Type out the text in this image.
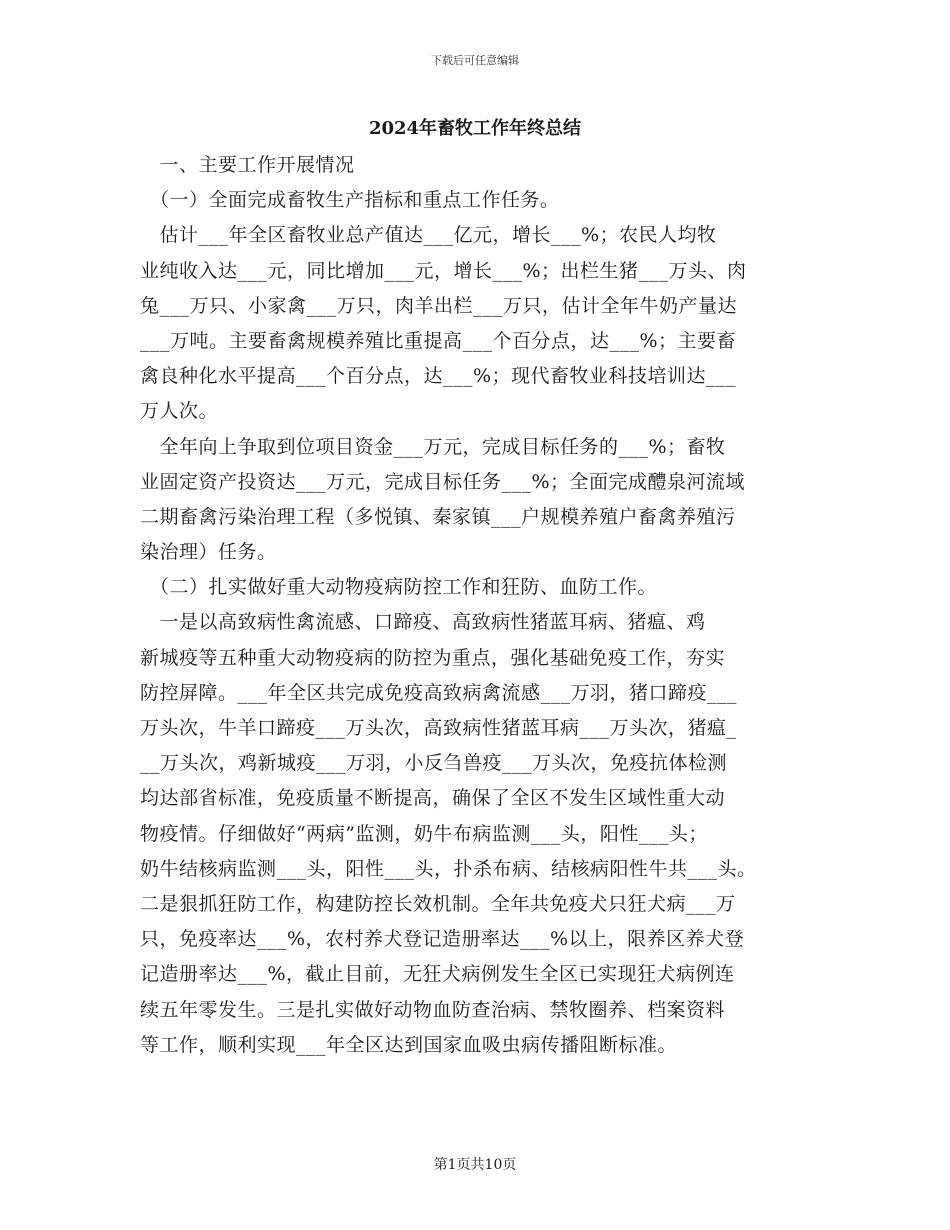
下载后可任意编辑
2024年畜牧工作年终总结
　一、主要工作开展情况
　（一）全面完成畜牧生产指标和重点工作任务。
　估计___年全区畜牧业总产值达___亿元，增长___%；农民人均牧
业纯收入达___元，同比增加___元，增长___%；出栏生猪___万头、肉
兔___万只、小家禽___万只，肉羊出栏___万只，估计全年牛奶产量达
___万吨。主要畜禽规模养殖比重提高___个百分点，达___%；主要畜
禽良种化水平提高___个百分点，达___%；现代畜牧业科技培训达___
万人次。
　全年向上争取到位项目资金___万元，完成目标任务的___%；畜牧
业固定资产投资达___万元，完成目标任务___%；全面完成醴泉河流域
二期畜禽污染治理工程（多悦镇、秦家镇___户规模养殖户畜禽养殖污
染治理）任务。
　（二）扎实做好重大动物疫病防控工作和狂防、血防工作。
　一是以高致病性禽流感、口蹄疫、高致病性猪蓝耳病、猪瘟、鸡
新城疫等五种重大动物疫病的防控为重点，强化基础免疫工作，夯实
防控屏障。___年全区共完成免疫高致病禽流感___万羽，猪口蹄疫___
万头次，牛羊口蹄疫___万头次，高致病性猪蓝耳病___万头次，猪瘟_
__万头次，鸡新城疫___万羽，小反刍兽疫___万头次，免疫抗体检测
均达部省标准，免疫质量不断提高，确保了全区不发生区域性重大动
物疫情。仔细做好“两病”监测，奶牛布病监测___头，阳性___头；
奶牛结核病监测___头，阳性___头，扑杀布病、结核病阳性牛共___头。
二是狠抓狂防工作，构建防控长效机制。全年共免疫犬只狂犬病___万
只，免疫率达___%，农村养犬登记造册率达___%以上，限养区养犬登
记造册率达___%，截止目前，无狂犬病例发生全区已实现狂犬病例连
续五年零发生。三是扎实做好动物血防查治病、禁牧圈养、档案资料
等工作，顺利实现___年全区达到国家血吸虫病传播阻断标准。
第1页共10页
